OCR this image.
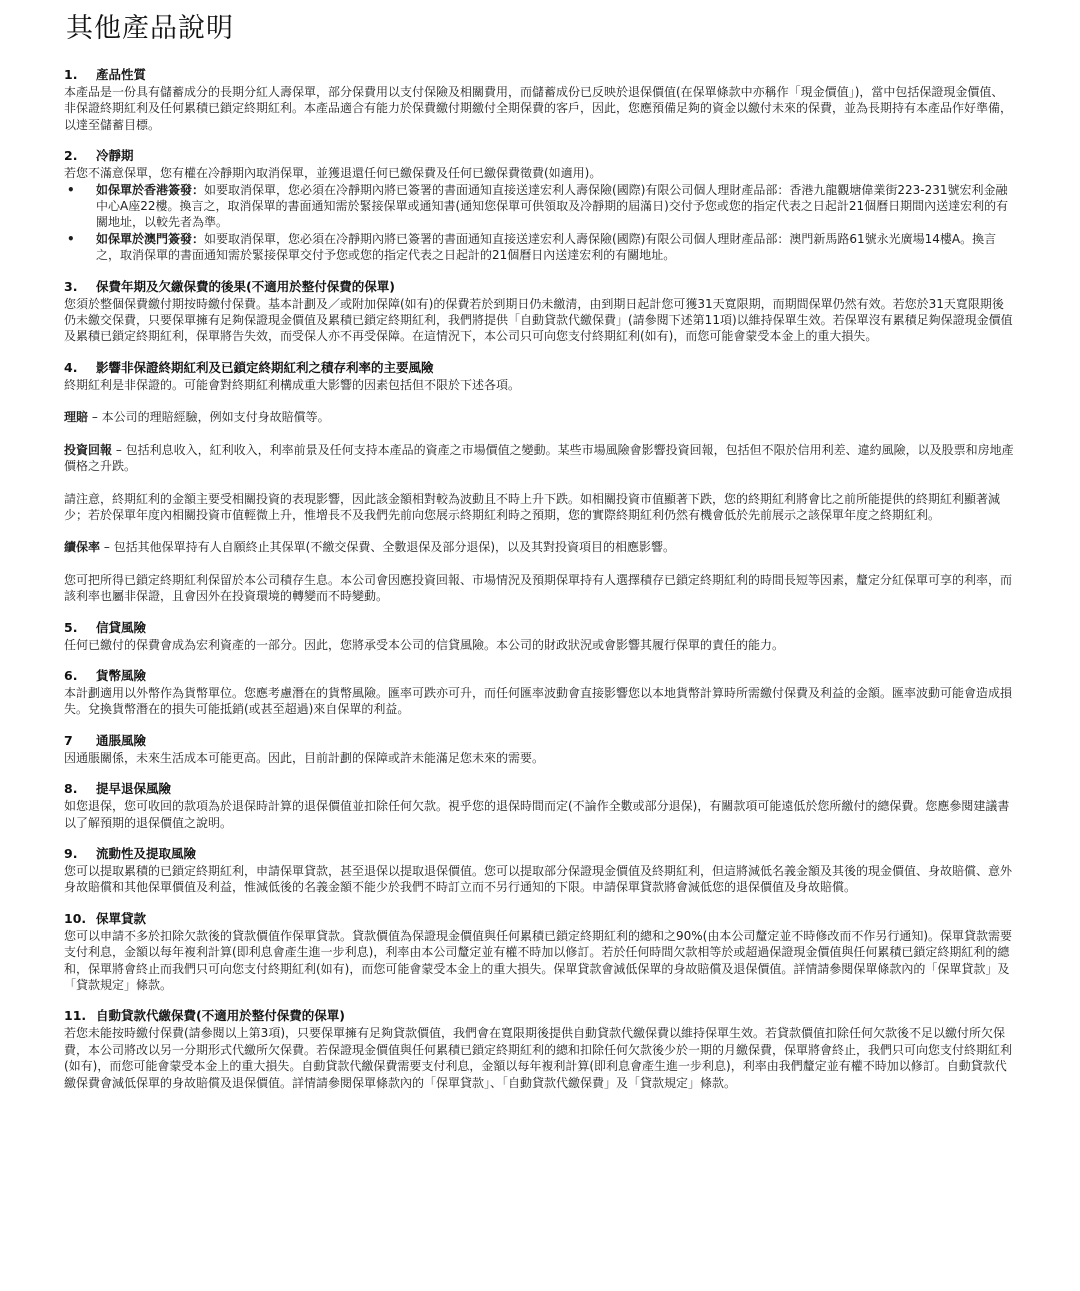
其他產品說明

1. 產品性質

本產品是一份具有儲蓄成分的長期分紅人壽保單，部分保費用以支付保險及相關費用，而儲蓄成份已反映於退保價值(在保單條款中亦稱作「現金價值」)，當中包括保證現金價值、非保證終期紅利及任何累積已鎖定終期紅利。本產品適合有能力於保費繳付期繳付全期保費的客戶，因此，您應預備足夠的資金以繳付未來的保費，並為長期持有本產品作好準備，以達至儲蓄目標。

2. 冷靜期

若您不滿意保單，您有權在冷靜期內取消保單，並獲退還任何已繳保費及任何已繳保費徵費(如適用)。

• 如保單於香港簽發：如要取消保單，您必須在冷靜期內將已簽署的書面通知直接送達宏利人壽保險(國際)有限公司個人理財產品部：香港九龍觀塘偉業街223-231號宏利金融中心A座22樓。換言之，取消保單的書面通知需於緊接保單或通知書(通知您保單可供領取及冷靜期的屆滿日)交付予您或您的指定代表之日起計21個曆日期間內送達宏利的有關地址，以較先者為準。
• 如保單於澳門簽發：如要取消保單，您必須在冷靜期內將已簽署的書面通知直接送達宏利人壽保險(國際)有限公司個人理財產品部：澳門新馬路61號永光廣場14樓A。換言之，取消保單的書面通知需於緊接保單交付予您或您的指定代表之日起計的21個曆日內送達宏利的有關地址。

3. 保費年期及欠繳保費的後果(不適用於整付保費的保單)

您須於整個保費繳付期按時繳付保費。基本計劃及／或附加保障(如有)的保費若於到期日仍未繳清，由到期日起計您可獲31天寬限期，而期間保單仍然有效。若您於31天寬限期後仍未繳交保費，只要保單擁有足夠保證現金價值及累積已鎖定終期紅利，我們將提供「自動貸款代繳保費」(請參閱下述第11項)以維持保單生效。若保單沒有累積足夠保證現金價值及累積已鎖定終期紅利，保單將告失效，而受保人亦不再受保障。在這情況下，本公司只可向您支付終期紅利(如有)，而您可能會蒙受本金上的重大損失。

4. 影響非保證終期紅利及已鎖定終期紅利之積存利率的主要風險

終期紅利是非保證的。可能會對終期紅利構成重大影響的因素包括但不限於下述各項。

理賠 – 本公司的理賠經驗，例如支付身故賠償等。

投資回報 – 包括利息收入，紅利收入，利率前景及任何支持本產品的資產之市場價值之變動。某些市場風險會影響投資回報，包括但不限於信用利差、違約風險，以及股票和房地產價格之升跌。

請注意，終期紅利的金額主要受相關投資的表現影響，因此該金額相對較為波動且不時上升下跌。如相關投資市值顯著下跌，您的終期紅利將會比之前所能提供的終期紅利顯著減少；若於保單年度內相關投資市值輕微上升，惟增長不及我們先前向您展示終期紅利時之預期，您的實際終期紅利仍然有機會低於先前展示之該保單年度之終期紅利。

續保率 – 包括其他保單持有人自願終止其保單(不繳交保費、全數退保及部分退保)，以及其對投資項目的相應影響。

您可把所得已鎖定終期紅利保留於本公司積存生息。本公司會因應投資回報、市場情況及預期保單持有人選擇積存已鎖定終期紅利的時間長短等因素，釐定分紅保單可享的利率，而該利率也屬非保證，且會因外在投資環境的轉變而不時變動。

5. 信貸風險

任何已繳付的保費會成為宏利資產的一部分。因此，您將承受本公司的信貸風險。本公司的財政狀況或會影響其履行保單的責任的能力。

6. 貨幣風險

本計劃適用以外幣作為貨幣單位。您應考慮潛在的貨幣風險。匯率可跌亦可升，而任何匯率波動會直接影響您以本地貨幣計算時所需繳付保費及利益的金額。匯率波動可能會造成損失。兌換貨幣潛在的損失可能抵銷(或甚至超過)來自保單的利益。

7 通脹風險

因通脹關係，未來生活成本可能更高。因此，目前計劃的保障或許未能滿足您未來的需要。

8. 提早退保風險

如您退保，您可收回的款項為於退保時計算的退保價值並扣除任何欠款。視乎您的退保時間而定(不論作全數或部分退保)，有關款項可能遠低於您所繳付的總保費。您應參閱建議書以了解預期的退保價值之說明。

9. 流動性及提取風險

您可以提取累積的已鎖定終期紅利，申請保單貸款，甚至退保以提取退保價值。您可以提取部分保證現金價值及終期紅利，但這將減低名義金額及其後的現金價值、身故賠償、意外身故賠償和其他保單價值及利益，惟減低後的名義金額不能少於我們不時訂立而不另行通知的下限。申請保單貸款將會減低您的退保價值及身故賠償。

10. 保單貸款

您可以申請不多於扣除欠款後的貸款價值作保單貸款。貸款價值為保證現金價值與任何累積已鎖定終期紅利的總和之90%(由本公司釐定並不時修改而不作另行通知)。保單貸款需要支付利息，金額以每年複利計算(即利息會產生進一步利息)，利率由本公司釐定並有權不時加以修訂。若於任何時間欠款相等於或超過保證現金價值與任何累積已鎖定終期紅利的總和，保單將會終止而我們只可向您支付終期紅利(如有)，而您可能會蒙受本金上的重大損失。保單貸款會減低保單的身故賠償及退保價值。詳情請參閱保單條款內的「保單貸款」及「貸款規定」條款。

11. 自動貸款代繳保費(不適用於整付保費的保單)

若您未能按時繳付保費(請參閱以上第3項)，只要保單擁有足夠貸款價值，我們會在寬限期後提供自動貸款代繳保費以維持保單生效。若貸款價值扣除任何欠款後不足以繳付所欠保費，本公司將改以另一分期形式代繳所欠保費。若保證現金價值與任何累積已鎖定終期紅利的總和扣除任何欠款後少於一期的月繳保費，保單將會終止，我們只可向您支付終期紅利(如有)，而您可能會蒙受本金上的重大損失。自動貸款代繳保費需要支付利息，金額以每年複利計算(即利息會產生進一步利息)，利率由我們釐定並有權不時加以修訂。自動貸款代繳保費會減低保單的身故賠償及退保價值。詳情請參閱保單條款內的「保單貸款」、「自動貸款代繳保費」及「貸款規定」條款。
